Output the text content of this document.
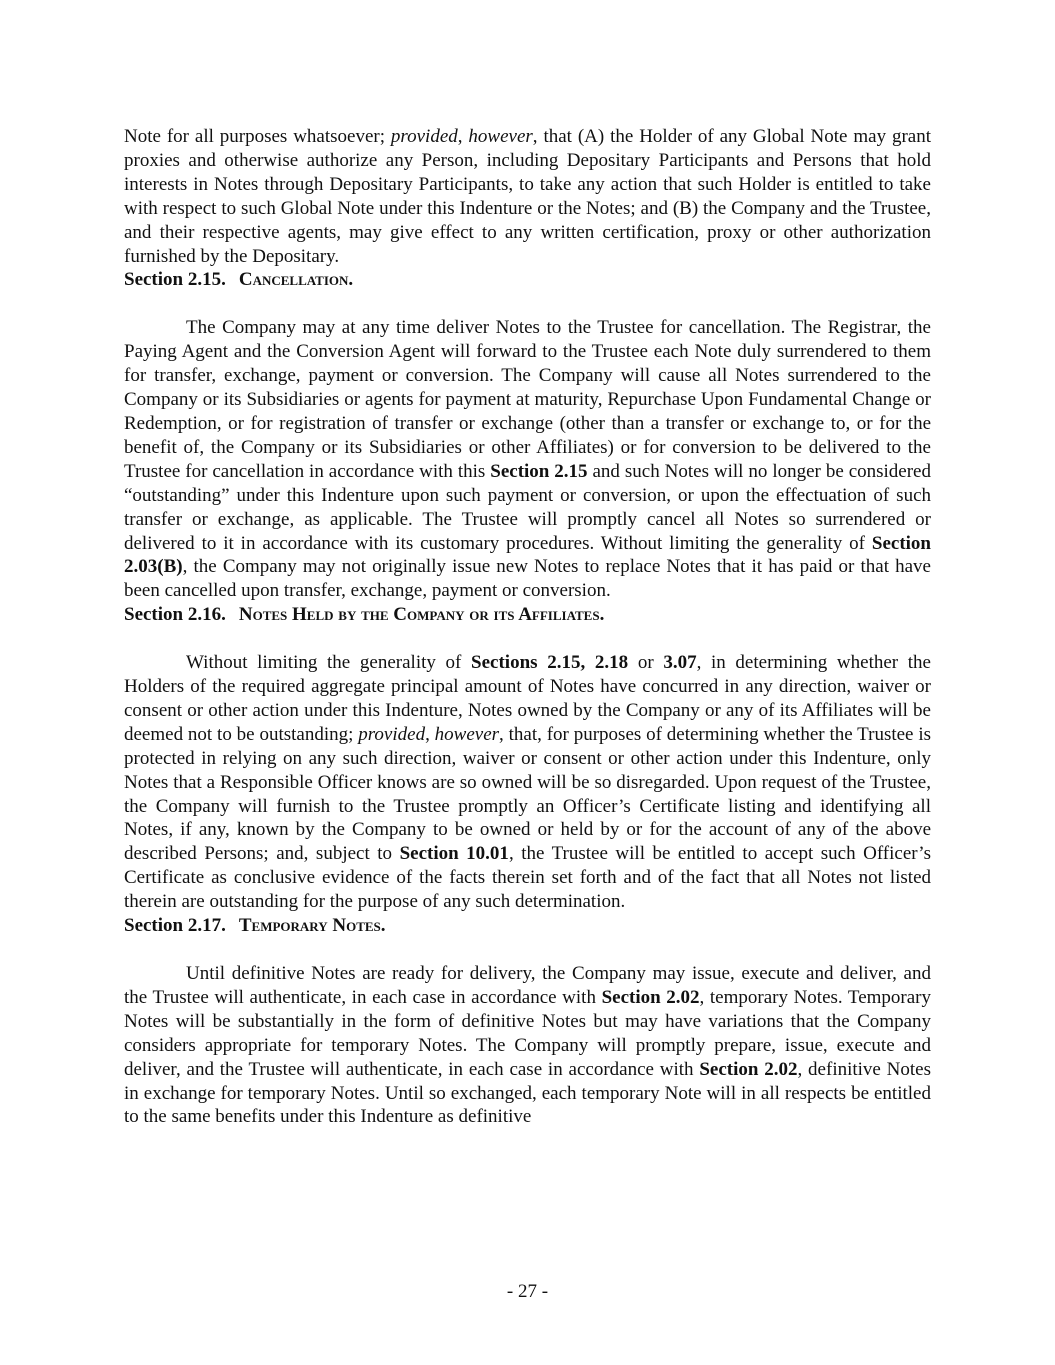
Note for all purposes whatsoever; provided, however, that (A) the Holder of any Global Note may grant proxies and otherwise authorize any Person, including Depositary Participants and Persons that hold interests in Notes through Depositary Participants, to take any action that such Holder is entitled to take with respect to such Global Note under this Indenture or the Notes; and (B) the Company and the Trustee, and their respective agents, may give effect to any written certification, proxy or other authorization furnished by the Depositary.

Section 2.15. Cancellation.

The Company may at any time deliver Notes to the Trustee for cancellation. The Registrar, the Paying Agent and the Conversion Agent will forward to the Trustee each Note duly surrendered to them for transfer, exchange, payment or conversion. The Company will cause all Notes surrendered to the Company or its Subsidiaries or agents for payment at maturity, Repurchase Upon Fundamental Change or Redemption, or for registration of transfer or exchange (other than a transfer or exchange to, or for the benefit of, the Company or its Subsidiaries or other Affiliates) or for conversion to be delivered to the Trustee for cancellation in accordance with this Section 2.15 and such Notes will no longer be considered “outstanding” under this Indenture upon such payment or conversion, or upon the effectuation of such transfer or exchange, as applicable. The Trustee will promptly cancel all Notes so surrendered or delivered to it in accordance with its customary procedures. Without limiting the generality of Section 2.03(B), the Company may not originally issue new Notes to replace Notes that it has paid or that have been cancelled upon transfer, exchange, payment or conversion.

Section 2.16. Notes Held by the Company or its Affiliates.

Without limiting the generality of Sections 2.15, 2.18 or 3.07, in determining whether the Holders of the required aggregate principal amount of Notes have concurred in any direction, waiver or consent or other action under this Indenture, Notes owned by the Company or any of its Affiliates will be deemed not to be outstanding; provided, however, that, for purposes of determining whether the Trustee is protected in relying on any such direction, waiver or consent or other action under this Indenture, only Notes that a Responsible Officer knows are so owned will be so disregarded. Upon request of the Trustee, the Company will furnish to the Trustee promptly an Officer’s Certificate listing and identifying all Notes, if any, known by the Company to be owned or held by or for the account of any of the above described Persons; and, subject to Section 10.01, the Trustee will be entitled to accept such Officer’s Certificate as conclusive evidence of the facts therein set forth and of the fact that all Notes not listed therein are outstanding for the purpose of any such determination.

Section 2.17. Temporary Notes.

Until definitive Notes are ready for delivery, the Company may issue, execute and deliver, and the Trustee will authenticate, in each case in accordance with Section 2.02, temporary Notes. Temporary Notes will be substantially in the form of definitive Notes but may have variations that the Company considers appropriate for temporary Notes. The Company will promptly prepare, issue, execute and deliver, and the Trustee will authenticate, in each case in accordance with Section 2.02, definitive Notes in exchange for temporary Notes. Until so exchanged, each temporary Note will in all respects be entitled to the same benefits under this Indenture as definitive

- 27 -
